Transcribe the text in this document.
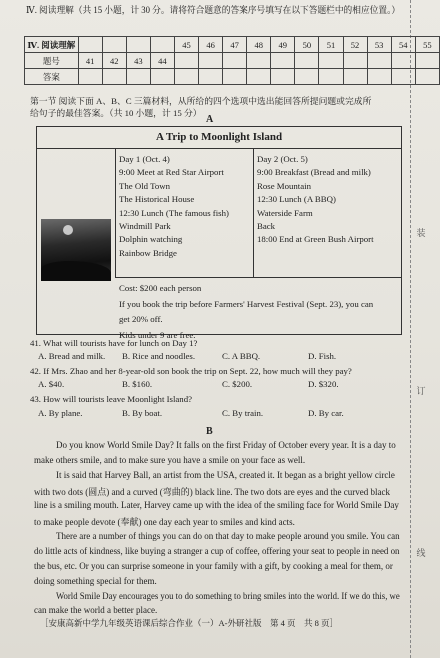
装
订
线
Ⅳ. 阅读理解（共 15 小题，计 30 分。请将符合题意的答案序号填写在以下答题栏中的相应位置。）
Ⅳ. 阅读理解					45	46	47	48	49	50	51	52	53	54	55
题号	41	42	43	44											
答案															
第一节 阅读下面 A、B、C 三篇材料，从所给的四个选项中选出能回答所提问题或完成所
给句子的最佳答案。（共 10 小题，计 15 分）
A
A Trip to Moonlight Island
Day 1 (Oct. 4)
9:00 Meet at Red Star Airport
The Old Town
The Historical House
12:30 Lunch (The famous fish)
Windmill Park
Dolphin watching
Rainbow Bridge
Day 2 (Oct. 5)
9:00 Breakfast (Bread and milk)
Rose Mountain
12:30 Lunch (A BBQ)
Waterside Farm
Back
18:00 End at Green Bush Airport
Cost: $200 each person
If you book the trip before Farmers' Harvest Festival (Sept. 23), you can
get 20% off.
Kids under 9 are free.
41. What will tourists have for lunch on Day 1?
A. Bread and milk. B. Rice and noodles.	C. A BBQ.	D. Fish.
42. If Mrs. Zhao and her 8-year-old son book the trip on Sept. 22, how much will they pay?
A. $40.	B. $160.	C. $200.	D. $320.
43. How will tourists leave Moonlight Island?
A. By plane.	B. By boat.	C. By train.	D. By car.
B
Do you know World Smile Day? It falls on the first Friday of October every year. It is a day to
make others smile, and to make sure you have a smile on your face as well.
It is said that Harvey Ball, an artist from the USA, created it. It began as a bright yellow circle
with two dots (圆点) and a curved (弯曲的) black line. The two dots are eyes and the curved black
line is a smiling mouth. Later, Harvey came up with the idea of the smiling face for World Smile Day
to make people devote (奉献) one day each year to smiles and kind acts.
There are a number of things you can do on that day to make people around you smile. You can
do little acts of kindness, like buying a stranger a cup of coffee, offering your seat to people in need on
the bus, etc. Or you can surprise someone in your family with a gift, by cooking a meal for them, or
doing something special for them.
World Smile Day encourages you to do something to bring smiles into the world. If we do this, we
can make the world a better place.
［安康高新中学九年级英语课后综合作业（一）A-外研社版　第 4 页　共 8 页］
